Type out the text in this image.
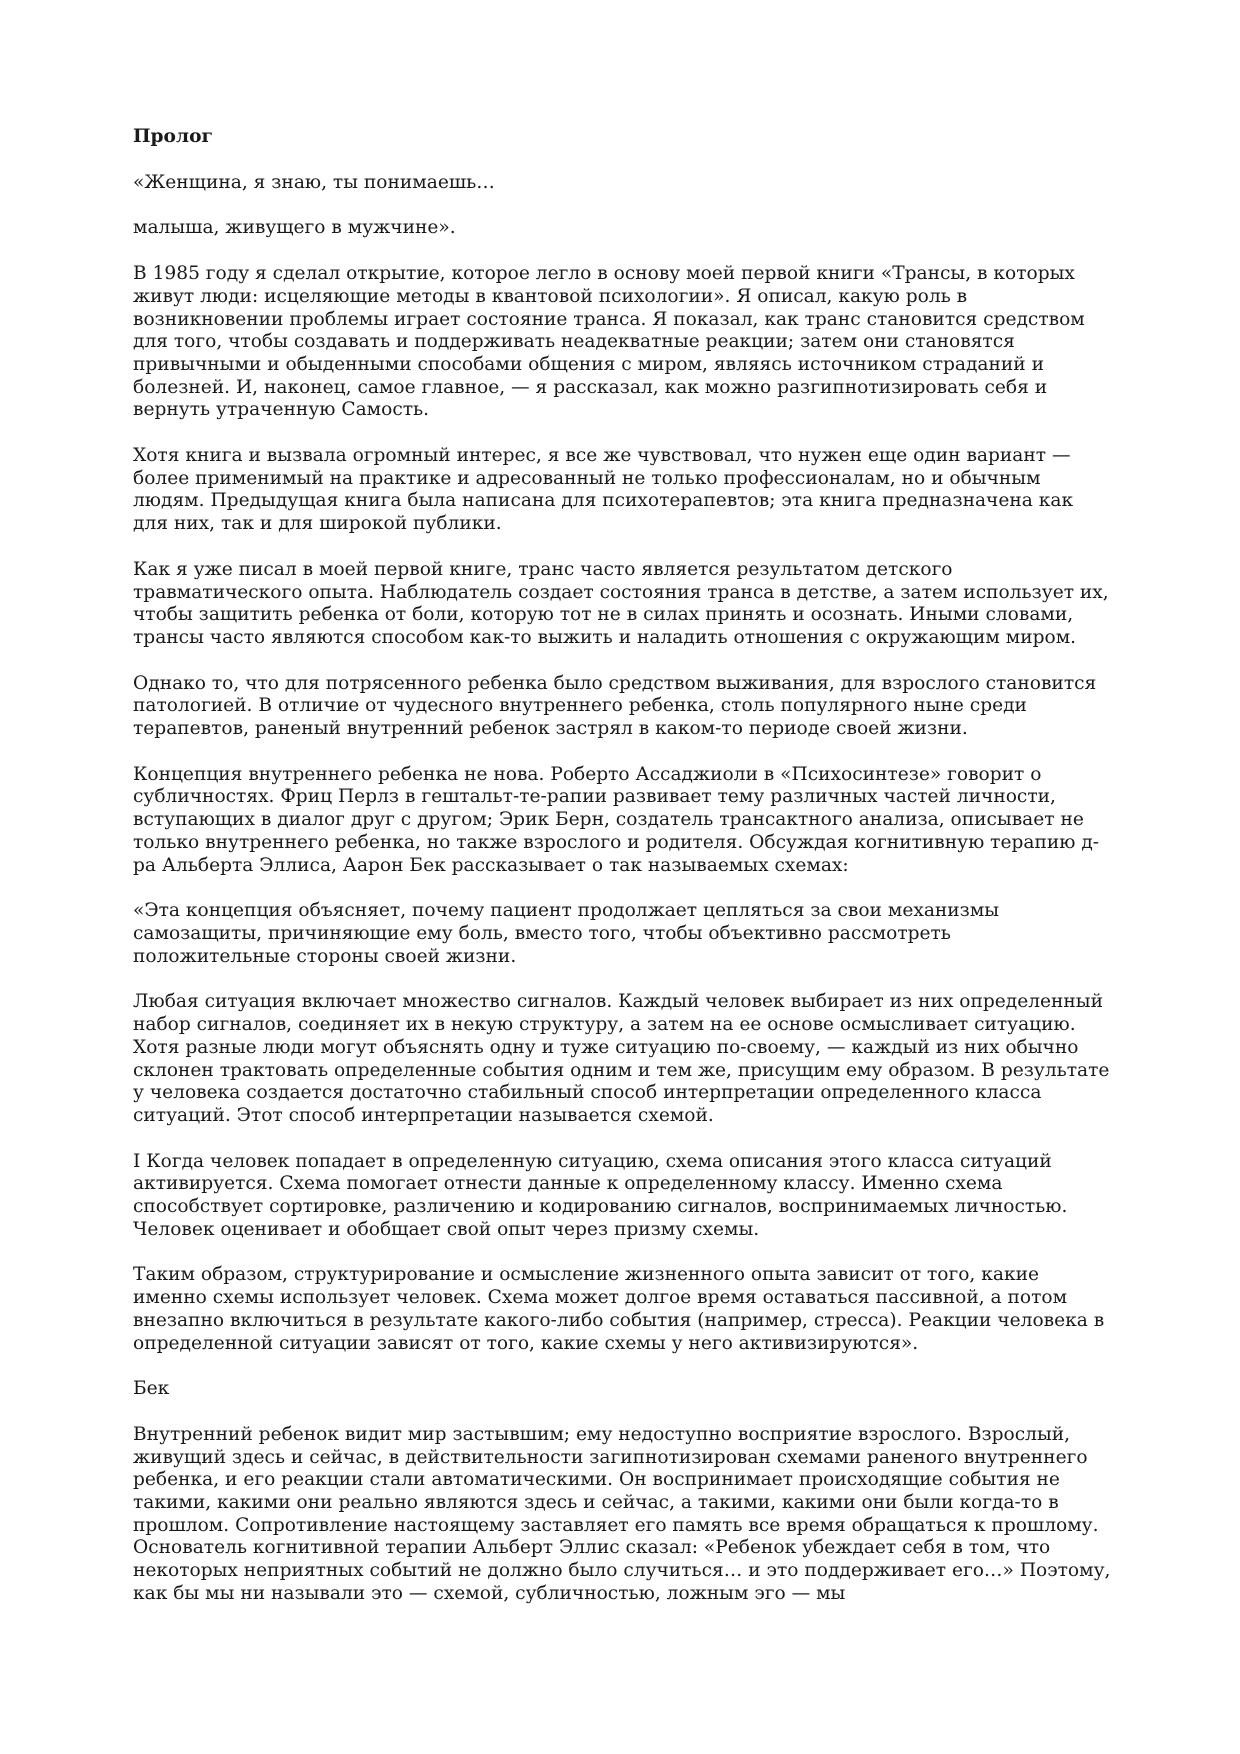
Пролог

«Женщина, я знаю, ты понимаешь…

малыша, живущего в мужчине».

В 1985 году я сделал открытие, которое легло в основу моей первой книги «Трансы, в которых живут люди: исцеляющие методы в квантовой психологии». Я описал, какую роль в возникновении проблемы играет состояние транса. Я показал, как транс становится средством для того, чтобы создавать и поддерживать неадекватные реакции; затем они становятся привычными и обыденными способами общения с миром, являясь источником страданий и болезней. И, наконец, самое главное, — я рассказал, как можно разгипнотизировать себя и вернуть утраченную Самость.

Хотя книга и вызвала огромный интерес, я все же чувствовал, что нужен еще один вариант — более применимый на практике и адресованный не только профессионалам, но и обычным людям. Предыдущая книга была написана для психотерапевтов; эта книга предназначена как для них, так и для широкой публики.

Как я уже писал в моей первой книге, транс часто является результатом детского травматического опыта. Наблюдатель создает состояния транса в детстве, а затем использует их, чтобы защитить ребенка от боли, которую тот не в силах принять и осознать. Иными словами, трансы часто являются способом как-то выжить и наладить отношения с окружающим миром.

Однако то, что для потрясенного ребенка было средством выживания, для взрослого становится патологией. В отличие от чудесного внутреннего ребенка, столь популярного ныне среди терапевтов, раненый внутренний ребенок застрял в каком-то периоде своей жизни.

Концепция внутреннего ребенка не нова. Роберто Ассаджиоли в «Психосинтезе» говорит о субличностях. Фриц Перлз в гештальт-те-рапии развивает тему различных частей личности, вступающих в диалог друг с другом; Эрик Берн, создатель трансактного анализа, описывает не только внутреннего ребенка, но также взрослого и родителя. Обсуждая когнитивную терапию д-ра Альберта Эллиса, Аарон Бек рассказывает о так называемых схемах:

«Эта концепция объясняет, почему пациент продолжает цепляться за свои механизмы самозащиты, причиняющие ему боль, вместо того, чтобы объективно рассмотреть положительные стороны своей жизни.

Любая ситуация включает множество сигналов. Каждый человек выбирает из них определенный набор сигналов, соединяет их в некую структуру, а затем на ее основе осмысливает ситуацию. Хотя разные люди могут объяснять одну и туже ситуацию по-своему, — каждый из них обычно склонен трактовать определенные события одним и тем же, присущим ему образом. В результате у человека создается достаточно стабильный способ интерпретации определенного класса ситуаций. Этот способ интерпретации называется схемой.

I Когда человек попадает в определенную ситуацию, схема описания этого класса ситуаций активируется. Схема помогает отнести данные к определенному классу. Именно схема способствует сортировке, различению и кодированию сигналов, воспринимаемых личностью. Человек оценивает и обобщает свой опыт через призму схемы.

Таким образом, структурирование и осмысление жизненного опыта зависит от того, какие именно схемы использует человек. Схема может долгое время оставаться пассивной, а потом внезапно включиться в результате какого-либо события (например, стресса). Реакции человека в определенной ситуации зависят от того, какие схемы у него активизируются».

Бек

Внутренний ребенок видит мир застывшим; ему недоступно восприятие взрослого. Взрослый, живущий здесь и сейчас, в действительности загипнотизирован схемами раненого внутреннего ребенка, и его реакции стали автоматическими. Он воспринимает происходящие события не такими, какими они реально являются здесь и сейчас, а такими, какими они были когда-то в прошлом. Сопротивление настоящему заставляет его память все время обращаться к прошлому. Основатель когнитивной терапии Альберт Эллис сказал: «Ребенок убеждает себя в том, что некоторых неприятных событий не должно было случиться… и это поддерживает его…» Поэтому, как бы мы ни называли это — схемой, субличностью, ложным эго — мы
